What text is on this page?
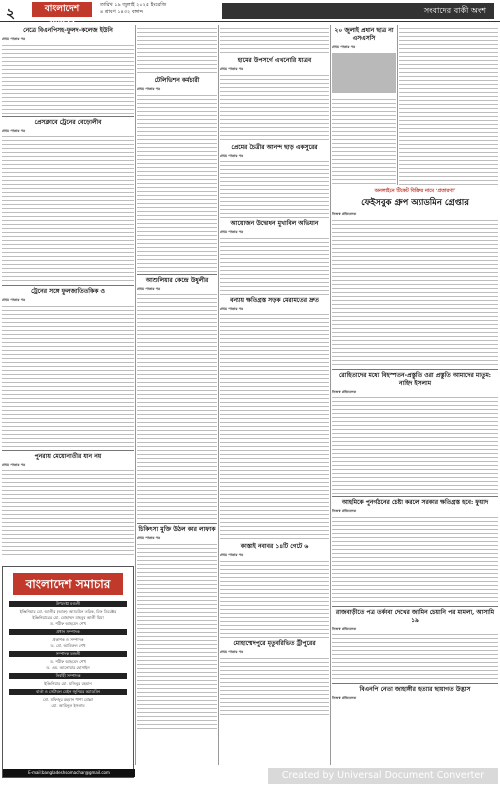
২	বাংলাদেশ সমাচার
তারিখ ১৯ জুলাই ২০২৫ ইংরেজি
৪ শ্রাবণ ১৪৩২ বঙ্গাব্দ	সংবাদের বাকী অংশ
নেত্রে বিএনপিসহ-ফুলদ-কলেজ ইউনি
প্রথম পাতার পর
প্রেসক্লাবে ট্রেনের বেড়োলীব
প্রথম পাতার পর
ট্রেনের সঙ্গে ফুলজাতিতকিক ও
প্রথম পাতার পর
পুনরায় মেয়োনাতীর যান নয়
প্রথম পাতার পর
টেলিভিশন কর্মচারী
প্রথম পাতার পর
আশুলিয়ার কেন্দ্রে উধুলীর
প্রথম পাতার পর
চিকিৎসা মুক্তি উঠল কার লাফাক
প্রথম পাতার পর
হামের উপসর্গে এখনোরি যাত্রব
প্রথম পাতার পর
প্রেমের চৈত্রীর আনন্দ ছাড় একসুরের
প্রথম পাতার পর
আয়োজন উদ্বোধন মুখাবিল অভিযান
প্রথম পাতার পর
বন্যায় ক্ষতিগ্রস্ত সড়ক মেরামতের দ্রুত
প্রথম পাতার পর
কাস্তাই নবাবর ১৪টি গেটে ৬
প্রথম পাতার পর
মোহাম্মেদপুরে মৃতুবরিভিত ট্রীপুরের
প্রথম পাতার পর
২০ জুলাই প্রধান ছাত্র না এসএসসি
প্রথম পাতার পর
অনলাইনে টিকেট বিক্রির নামে ‘প্রতারণা’
ফেইসবুক গ্রুপ অ্যাডমিন গ্রেপ্তার
নিজস্ব প্রতিবেদক
রোহিতাদের মধ্যে বিহস্পতন-প্রস্তুতি ওরা প্রস্তুতি আমাদের মাতুম: নাহিদ ইসলাম
নিজস্ব প্রতিবেদক
আহমিকে পুনর্গঠনের চেষ্টা করলে সরকার ক্ষতিগ্রস্ত হবে: ফুয়াদ
নিজস্ব প্রতিবেদক
রাজবাড়ীতে পত্র তর্কাবা দেখের জামিন চেয়ানি পর মামলা, আসামি ১৯
নিজস্ব প্রতিবেদক
বিএনপি নেতা জাহাঙ্গীর হত্যার ছায়াগত উদ্ভাস
নিজস্ব প্রতিবেদক
বাংলাদেশ সমাচার
উপদেষ্টা মণ্ডলী
ইঞ্জিনিয়ার মো. আলীর (আরু) অ্যাডমিন তরিক, চিফ ডিরেক্টর
ইঞ্জিনিয়ারের মো. মোহাম্মদ মাহবুব আলী মিয়া
ড. শরীফ আহমেদ শেখ
প্রধান সম্পাদক
প্রকাশক ও সম্পাদক
ড. মো. আমিরুল শেখ
সম্পাদক মণ্ডলী
ড. শরীফ আহমেদ শেখ
ড. এম. আনোয়ার হোসাইন
নির্বাহী সম্পাদক
ইঞ্জিনিয়ার মো. মজিবুর রহমান
বার্তা ও সেটাবল মেইন জুনিয়র অ্যাডমিন
মো. মফিজুর রহমান পাশা মোল্লা
মো. আমিনুল ইসলাম
E-mail:bangladeshsomachar@gmail.com	Created by Universal Document Converter
